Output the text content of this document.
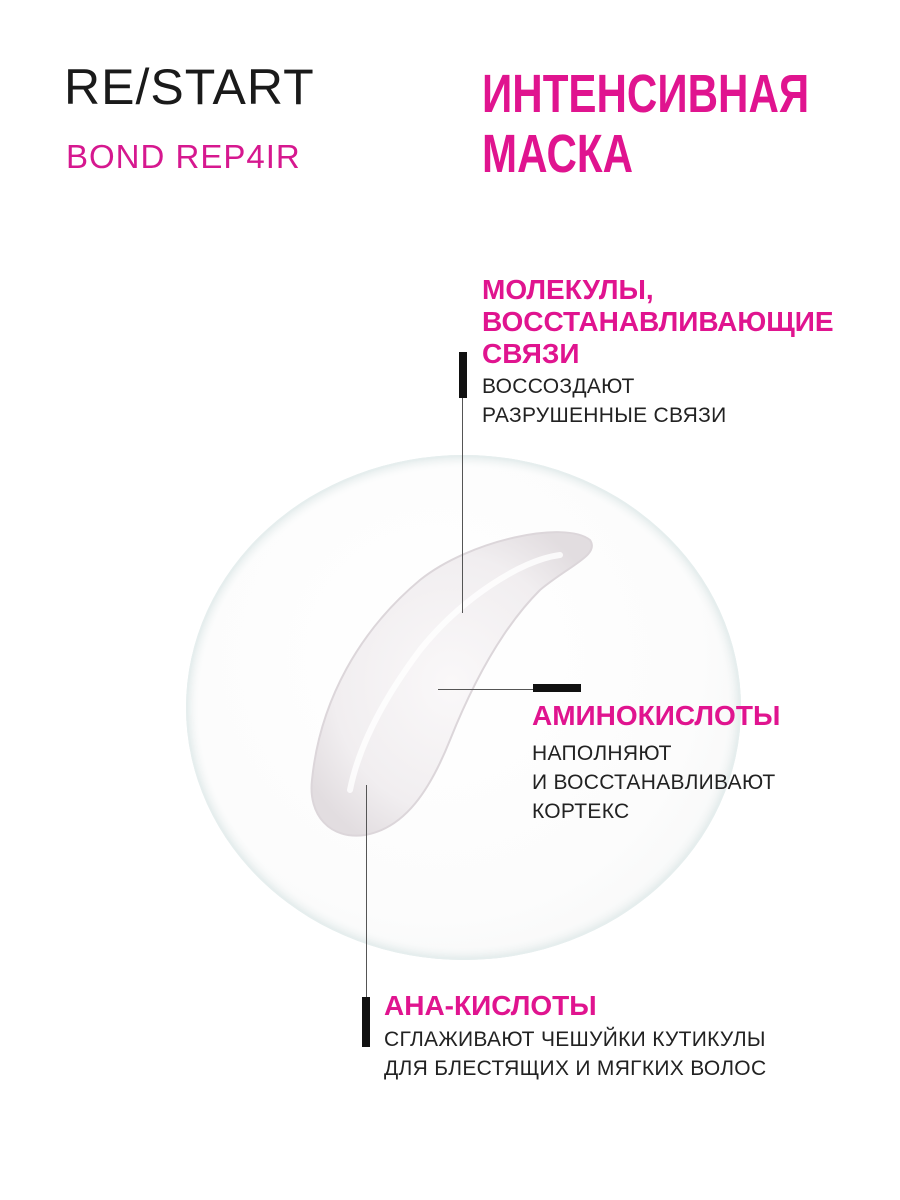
RE/START
BOND REP4IR
ИНТЕНСИВНАЯ
МАСКА
МОЛЕКУЛЫ,
ВОССТАНАВЛИВАЮЩИЕ
СВЯЗИ
ВОССОЗДАЮТ
РАЗРУШЕННЫЕ СВЯЗИ
АМИНОКИСЛОТЫ
НАПОЛНЯЮТ
И ВОССТАНАВЛИВАЮТ
КОРТЕКС
АНА-КИСЛОТЫ
СГЛАЖИВАЮТ ЧЕШУЙКИ КУТИКУЛЫ
ДЛЯ БЛЕСТЯЩИХ И МЯГКИХ ВОЛОС
